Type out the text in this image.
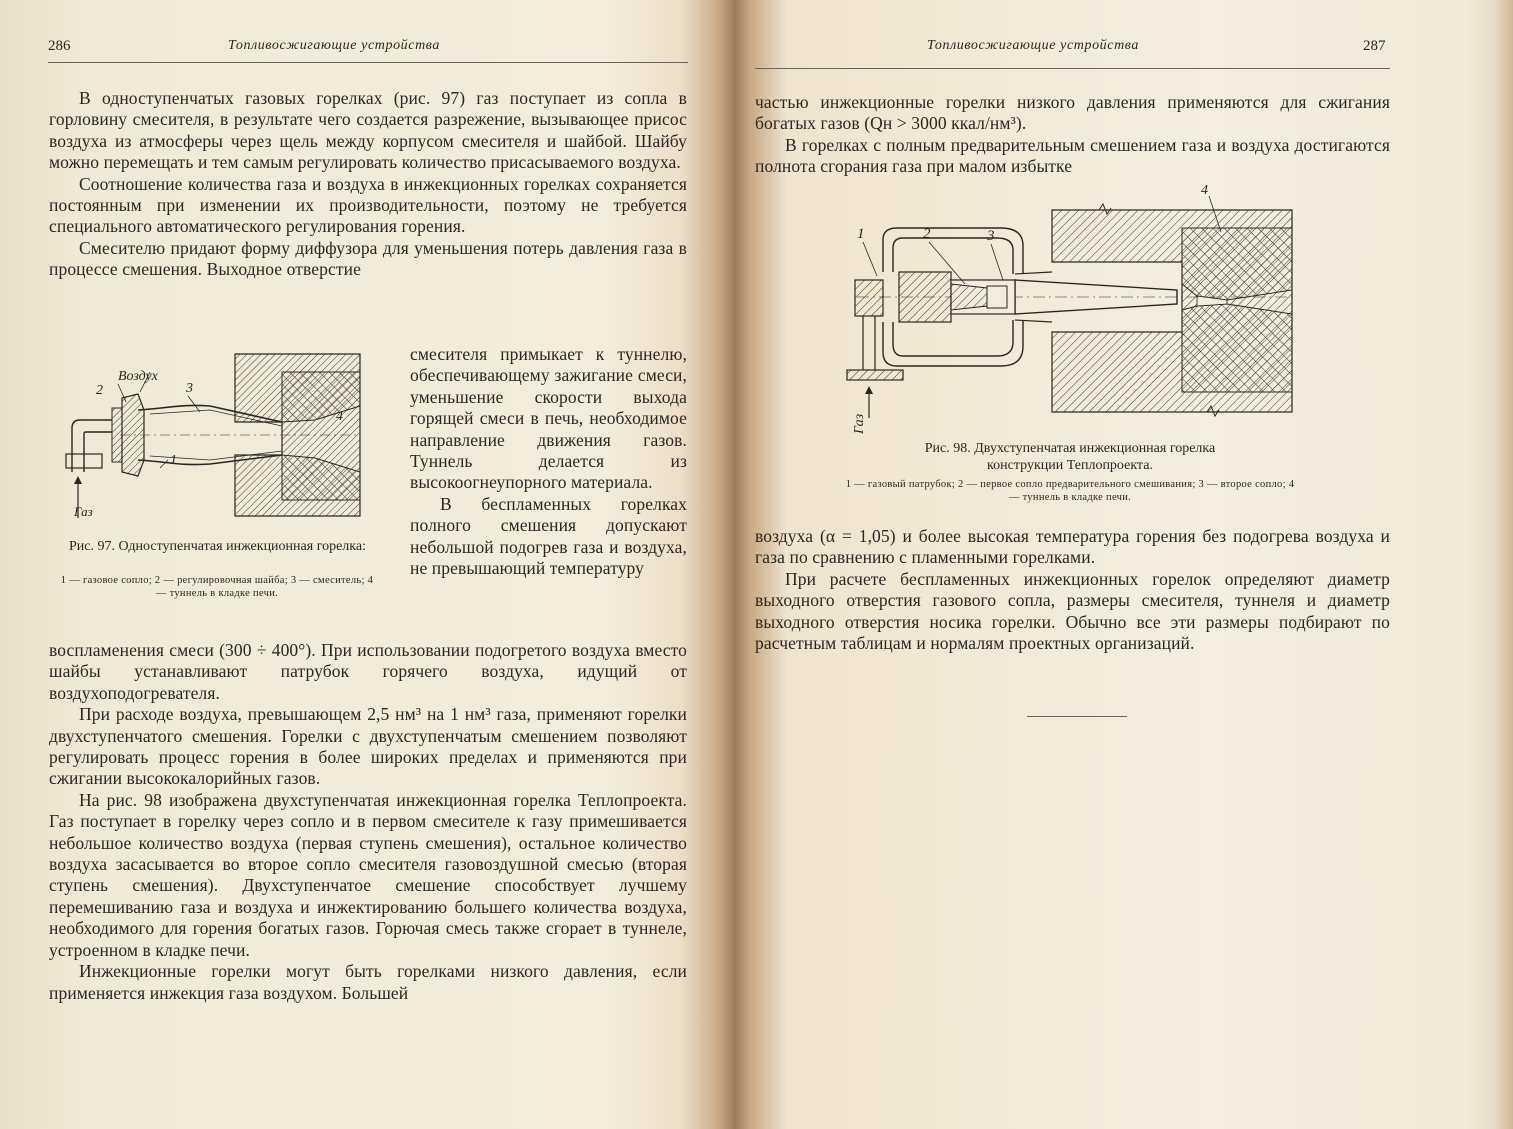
286	Топливосжигающие устройства

В одноступенчатых газовых горелках (рис. 97) газ поступает из сопла в горловину смесителя, в результате чего создается разрежение, вызывающее присос воздуха из атмосферы через щель между корпусом смесителя и шайбой. Шайбу можно перемещать и тем самым регулировать количество присасываемого воздуха.

Соотношение количества газа и воздуха в инжекционных горелках сохраняется постоянным при изменении их производительности, поэтому не требуется специального автоматического регулирования горения.

Смесителю придают форму диффузора для уменьшения потерь давления газа в процессе смешения. Выходное отверстие

Воздух
2	3
1
4
Газ
Рис. 97. Одноступенчатая инжекционная горелка:
1 — газовое сопло; 2 — регулировочная шайба; 3 — смеситель; 4 — туннель в кладке печи.

смесителя примыкает к туннелю, обеспечивающему зажигание смеси, уменьшение скорости выхода горящей смеси в печь, необходимое направление движения газов. Туннель делается из высокоогнеупорного материала.

В беспламенных горелках полного смешения допускают небольшой подогрев газа и воздуха, не превышающий температуру

воспламенения смеси (300 ÷ 400°). При использовании подогретого воздуха вместо шайбы устанавливают патрубок горячего воздуха, идущий от воздухоподогревателя.

При расходе воздуха, превышающем 2,5 нм³ на 1 нм³ газа, применяют горелки двухступенчатого смешения. Горелки с двухступенчатым смешением позволяют регулировать процесс горения в более широких пределах и применяются при сжигании высококалорийных газов.

На рис. 98 изображена двухступенчатая инжекционная горелка Теплопроекта. Газ поступает в горелку через сопло и в первом смесителе к газу примешивается небольшое количество воздуха (первая ступень смешения), остальное количество воздуха засасывается во второе сопло смесителя газовоздушной смесью (вторая ступень смешения). Двухступенчатое смешение способствует лучшему перемешиванию газа и воздуха и инжектированию большего количества воздуха, необходимого для горения богатых газов. Горючая смесь также сгорает в туннеле, устроенном в кладке печи.

Инжекционные горелки могут быть горелками низкого давления, если применяется инжекция газа воздухом. Большей

Топливосжигающие устройства	287

частью инжекционные горелки низкого давления применяются для сжигания богатых газов (Qн > 3000 ккал/нм³).

В горелках с полным предварительным смешением газа и воздуха достигаются полнота сгорания газа при малом избытке

1	2	3
4
Газ
Рис. 98. Двухступенчатая инжекционная горелка
конструкции Теплопроекта.
1 — газовый патрубок; 2 — первое сопло предварительного смешивания; 3 — второе сопло; 4 — туннель в кладке печи.

воздуха (α = 1,05) и более высокая температура горения без подогрева воздуха и газа по сравнению с пламенными горелками.

При расчете беспламенных инжекционных горелок определяют диаметр выходного отверстия газового сопла, размеры смесителя, туннеля и диаметр выходного отверстия носика горелки. Обычно все эти размеры подбирают по расчетным таблицам и нормалям проектных организаций.
